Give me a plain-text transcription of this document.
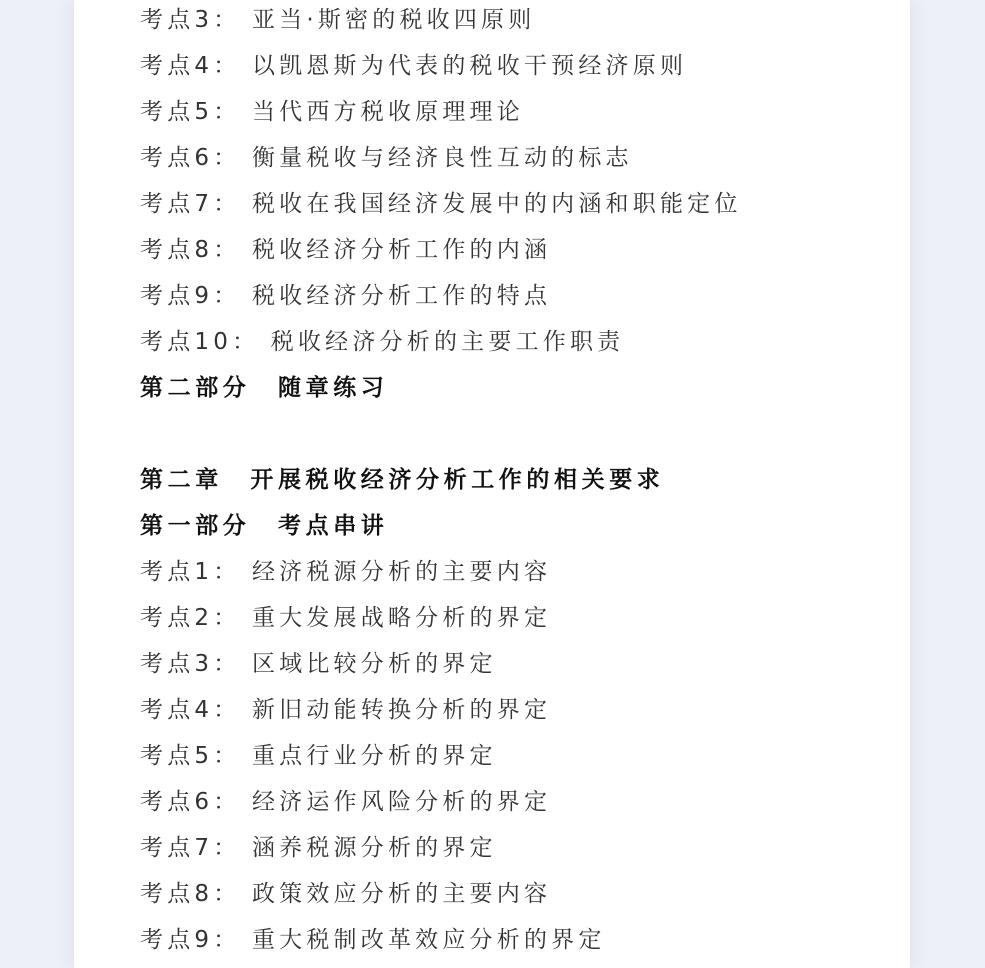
考点3： 亚当·斯密的税收四原则
考点4： 以凯恩斯为代表的税收干预经济原则
考点5： 当代西方税收原理理论
考点6： 衡量税收与经济良性互动的标志
考点7： 税收在我国经济发展中的内涵和职能定位
考点8： 税收经济分析工作的内涵
考点9： 税收经济分析工作的特点
考点10： 税收经济分析的主要工作职责
第二部分　随章练习
第二章　开展税收经济分析工作的相关要求
第一部分　考点串讲
考点1： 经济税源分析的主要内容
考点2： 重大发展战略分析的界定
考点3： 区域比较分析的界定
考点4： 新旧动能转换分析的界定
考点5： 重点行业分析的界定
考点6： 经济运作风险分析的界定
考点7： 涵养税源分析的界定
考点8： 政策效应分析的主要内容
考点9： 重大税制改革效应分析的界定
